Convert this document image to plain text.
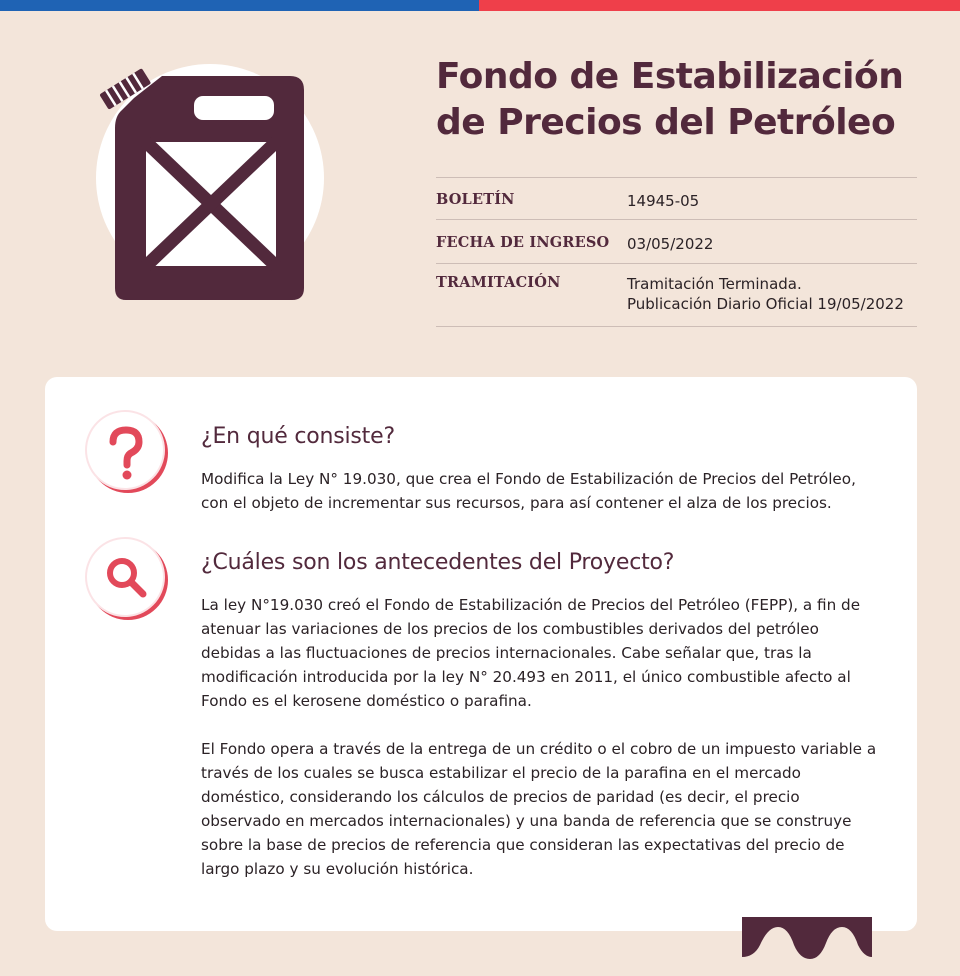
Fondo de Estabilización
de Precios del Petróleo
BOLETÍN	14945-05
FECHA DE INGRESO	03/05/2022
TRAMITACIÓN	Tramitación Terminada.
Publicación Diario Oficial 19/05/2022
¿En qué consiste?

Modifica la Ley N° 19.030, que crea el Fondo de Estabilización de Precios del Petróleo, con el objeto de incrementar sus recursos, para así contener el alza de los precios.

¿Cuáles son los antecedentes del Proyecto?

La ley N°19.030 creó el Fondo de Estabilización de Precios del Petróleo (FEPP), a fin de atenuar las variaciones de los precios de los combustibles derivados del petróleo debidas a las fluctuaciones de precios internacionales. Cabe señalar que, tras la modificación introducida por la ley N° 20.493 en 2011, el único combustible afecto al Fondo es el kerosene doméstico o parafina.

El Fondo opera a través de la entrega de un crédito o el cobro de un impuesto variable a través de los cuales se busca estabilizar el precio de la parafina en el mercado doméstico, considerando los cálculos de precios de paridad (es decir, el precio observado en mercados internacionales) y una banda de referencia que se construye sobre la base de precios de referencia que consideran las expectativas del precio de largo plazo y su evolución histórica.
